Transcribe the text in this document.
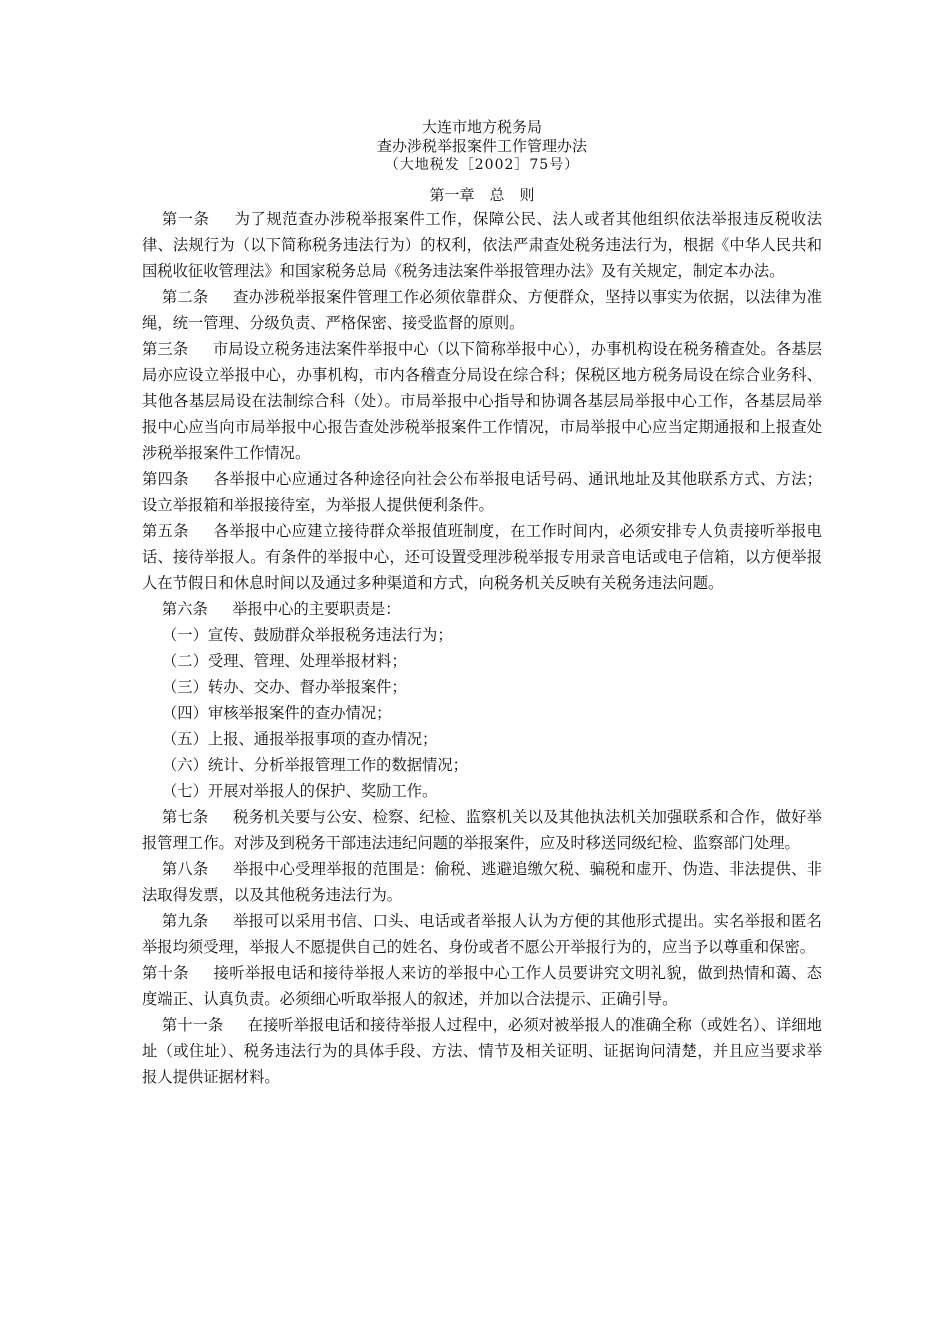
大连市地方税务局
查办涉税举报案件工作管理办法
（大地税发［2002］75号）
第一章　总　则

第一条 为了规范查办涉税举报案件工作，保障公民、法人或者其他组织依法举报违反税收法律、法规行为（以下简称税务违法行为）的权利，依法严肃查处税务违法行为，根据《中华人民共和国税收征收管理法》和国家税务总局《税务违法案件举报管理办法》及有关规定，制定本办法。

第二条 查办涉税举报案件管理工作必须依靠群众、方便群众，坚持以事实为依据，以法律为准绳，统一管理、分级负责、严格保密、接受监督的原则。

第三条 市局设立税务违法案件举报中心（以下简称举报中心），办事机构设在税务稽查处。各基层局亦应设立举报中心，办事机构，市内各稽查分局设在综合科；保税区地方税务局设在综合业务科、其他各基层局设在法制综合科（处）。市局举报中心指导和协调各基层局举报中心工作，各基层局举报中心应当向市局举报中心报告查处涉税举报案件工作情况，市局举报中心应当定期通报和上报查处涉税举报案件工作情况。

第四条 各举报中心应通过各种途径向社会公布举报电话号码、通讯地址及其他联系方式、方法；设立举报箱和举报接待室，为举报人提供便利条件。

第五条 各举报中心应建立接待群众举报值班制度，在工作时间内，必须安排专人负责接听举报电话、接待举报人。有条件的举报中心，还可设置受理涉税举报专用录音电话或电子信箱，以方便举报人在节假日和休息时间以及通过多种渠道和方式，向税务机关反映有关税务违法问题。

第六条 举报中心的主要职责是：

（一）宣传、鼓励群众举报税务违法行为；

（二）受理、管理、处理举报材料；

（三）转办、交办、督办举报案件；

（四）审核举报案件的查办情况；

（五）上报、通报举报事项的查办情况；

（六）统计、分析举报管理工作的数据情况；

（七）开展对举报人的保护、奖励工作。

第七条 税务机关要与公安、检察、纪检、监察机关以及其他执法机关加强联系和合作，做好举报管理工作。对涉及到税务干部违法违纪问题的举报案件，应及时移送同级纪检、监察部门处理。

第八条 举报中心受理举报的范围是：偷税、逃避追缴欠税、骗税和虚开、伪造、非法提供、非法取得发票，以及其他税务违法行为。

第九条 举报可以采用书信、口头、电话或者举报人认为方便的其他形式提出。实名举报和匿名举报均须受理，举报人不愿提供自己的姓名、身份或者不愿公开举报行为的，应当予以尊重和保密。

第十条 接听举报电话和接待举报人来访的举报中心工作人员要讲究文明礼貌，做到热情和蔼、态度端正、认真负责。必须细心听取举报人的叙述，并加以合法提示、正确引导。

第十一条 在接听举报电话和接待举报人过程中，必须对被举报人的准确全称（或姓名）、详细地址（或住址）、税务违法行为的具体手段、方法、情节及相关证明、证据询问清楚，并且应当要求举报人提供证据材料。
